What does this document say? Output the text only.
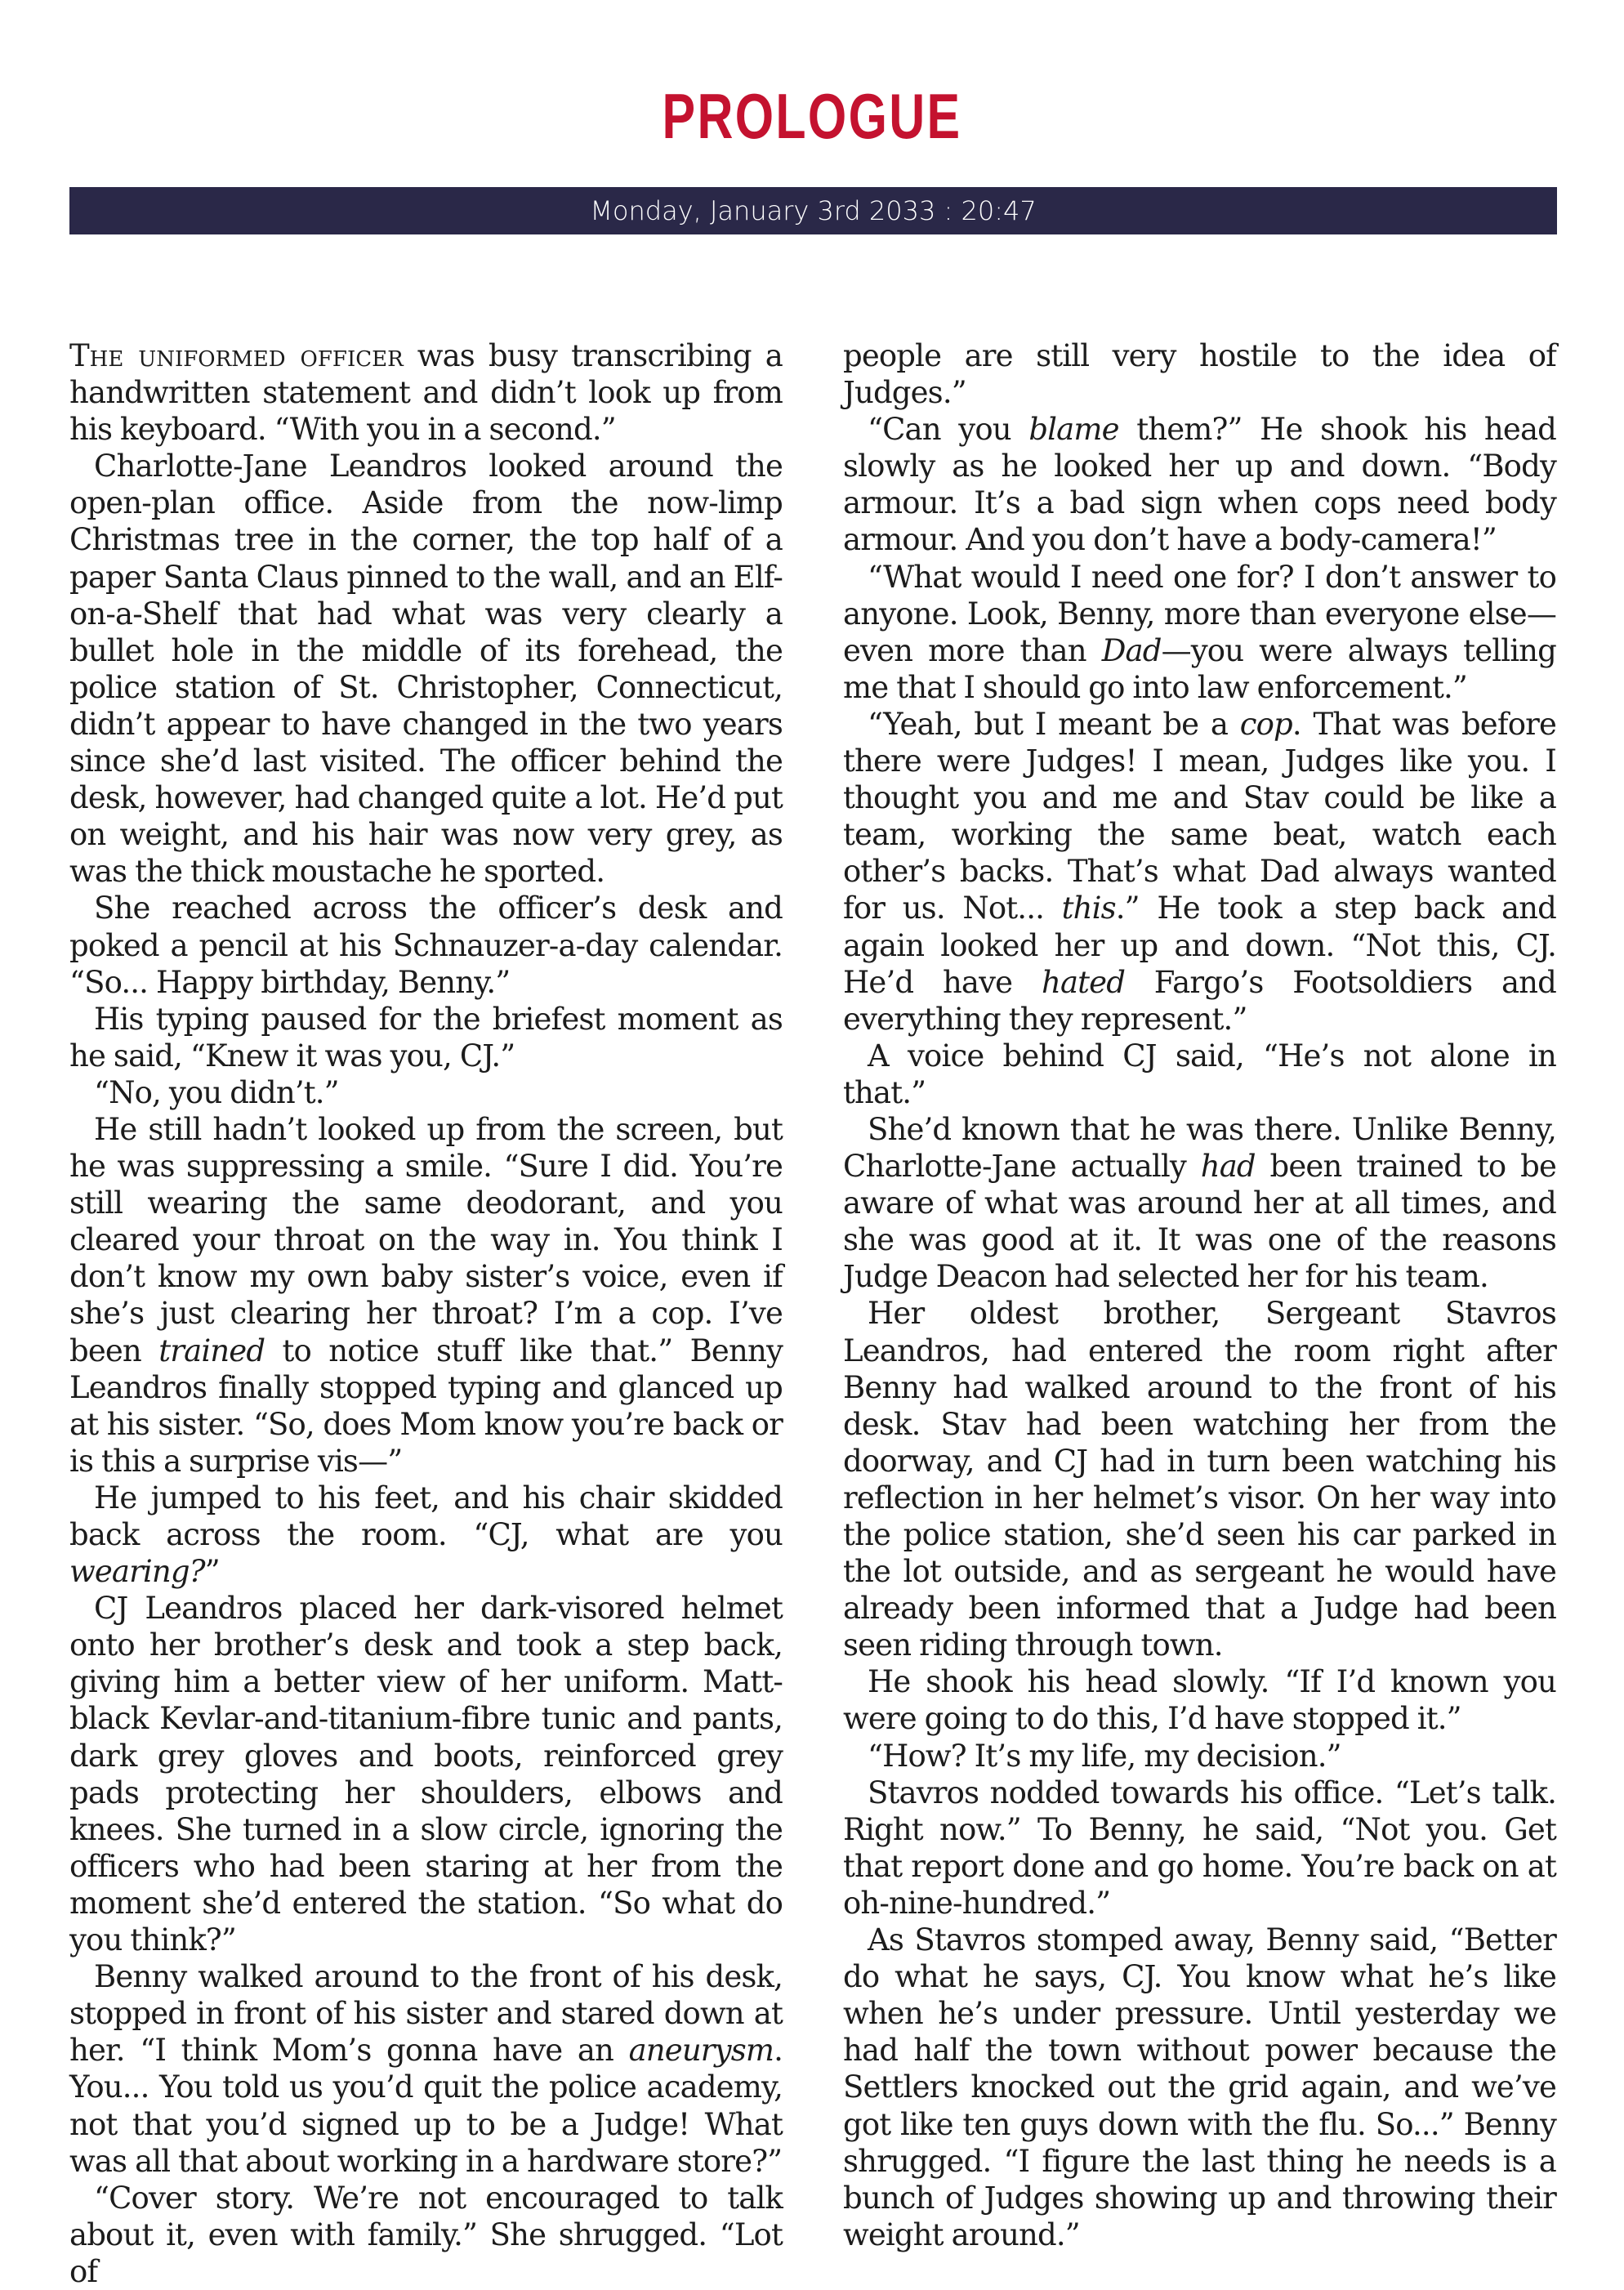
PROLOGUE
Monday, January 3rd 2033 : 20:47

The uniformed officer was busy transcribing a handwritten statement and didn’t look up from his keyboard. “With you in a second.”

Charlotte-Jane Leandros looked around the open-plan office. Aside from the now-limp Christmas tree in the corner, the top half of a paper Santa Claus pinned to the wall, and an Elf-on-a-Shelf that had what was very clearly a bullet hole in the middle of its forehead, the police station of St. Christopher, Connecticut, didn’t appear to have changed in the two years since she’d last visited. The officer behind the desk, however, had changed quite a lot. He’d put on weight, and his hair was now very grey, as was the thick moustache he sported.

She reached across the officer’s desk and poked a pencil at his Schnauzer-a-day calendar. “So... Happy birthday, Benny.”

His typing paused for the briefest moment as he said, “Knew it was you, CJ.”

“No, you didn’t.”

He still hadn’t looked up from the screen, but he was suppressing a smile. “Sure I did. You’re still wearing the same deodorant, and you cleared your throat on the way in. You think I don’t know my own baby sister’s voice, even if she’s just clearing her throat? I’m a cop. I’ve been trained to notice stuff like that.” Benny Leandros finally stopped typing and glanced up at his sister. “So, does Mom know you’re back or is this a surprise vis—”

He jumped to his feet, and his chair skidded back across the room. “CJ, what are you wearing?”

CJ Leandros placed her dark-visored helmet onto her brother’s desk and took a step back, giving him a better view of her uniform. Matt-black Kevlar-and-titanium-fibre tunic and pants, dark grey gloves and boots, reinforced grey pads protecting her shoulders, elbows and knees. She turned in a slow circle, ignoring the officers who had been staring at her from the moment she’d entered the station. “So what do you think?”

Benny walked around to the front of his desk, stopped in front of his sister and stared down at her. “I think Mom’s gonna have an aneurysm. You... You told us you’d quit the police academy, not that you’d signed up to be a Judge! What was all that about working in a hardware store?”

“Cover story. We’re not encouraged to talk about it, even with family.” She shrugged. “Lot of

people are still very hostile to the idea of Judges.”

“Can you blame them?” He shook his head slowly as he looked her up and down. “Body armour. It’s a bad sign when cops need body armour. And you don’t have a body-camera!”

“What would I need one for? I don’t answer to anyone. Look, Benny, more than everyone else—even more than Dad—you were always telling me that I should go into law enforcement.”

“Yeah, but I meant be a cop. That was before there were Judges! I mean, Judges like you. I thought you and me and Stav could be like a team, working the same beat, watch each other’s backs. That’s what Dad always wanted for us. Not... this.” He took a step back and again looked her up and down. “Not this, CJ. He’d have hated Fargo’s Footsoldiers and everything they represent.”

A voice behind CJ said, “He’s not alone in that.”

She’d known that he was there. Unlike Benny, Charlotte-Jane actually had been trained to be aware of what was around her at all times, and she was good at it. It was one of the reasons Judge Deacon had selected her for his team.

Her oldest brother, Sergeant Stavros Leandros, had entered the room right after Benny had walked around to the front of his desk. Stav had been watching her from the doorway, and CJ had in turn been watching his reflection in her helmet’s visor. On her way into the police station, she’d seen his car parked in the lot outside, and as sergeant he would have already been informed that a Judge had been seen riding through town.

He shook his head slowly. “If I’d known you were going to do this, I’d have stopped it.”

“How? It’s my life, my decision.”

Stavros nodded towards his office. “Let’s talk. Right now.” To Benny, he said, “Not you. Get that report done and go home. You’re back on at oh-nine-hundred.”

As Stavros stomped away, Benny said, “Better do what he says, CJ. You know what he’s like when he’s under pressure. Until yesterday we had half the town without power because the Settlers knocked out the grid again, and we’ve got like ten guys down with the flu. So...” Benny shrugged. “I figure the last thing he needs is a bunch of Judges showing up and throwing their weight around.”
